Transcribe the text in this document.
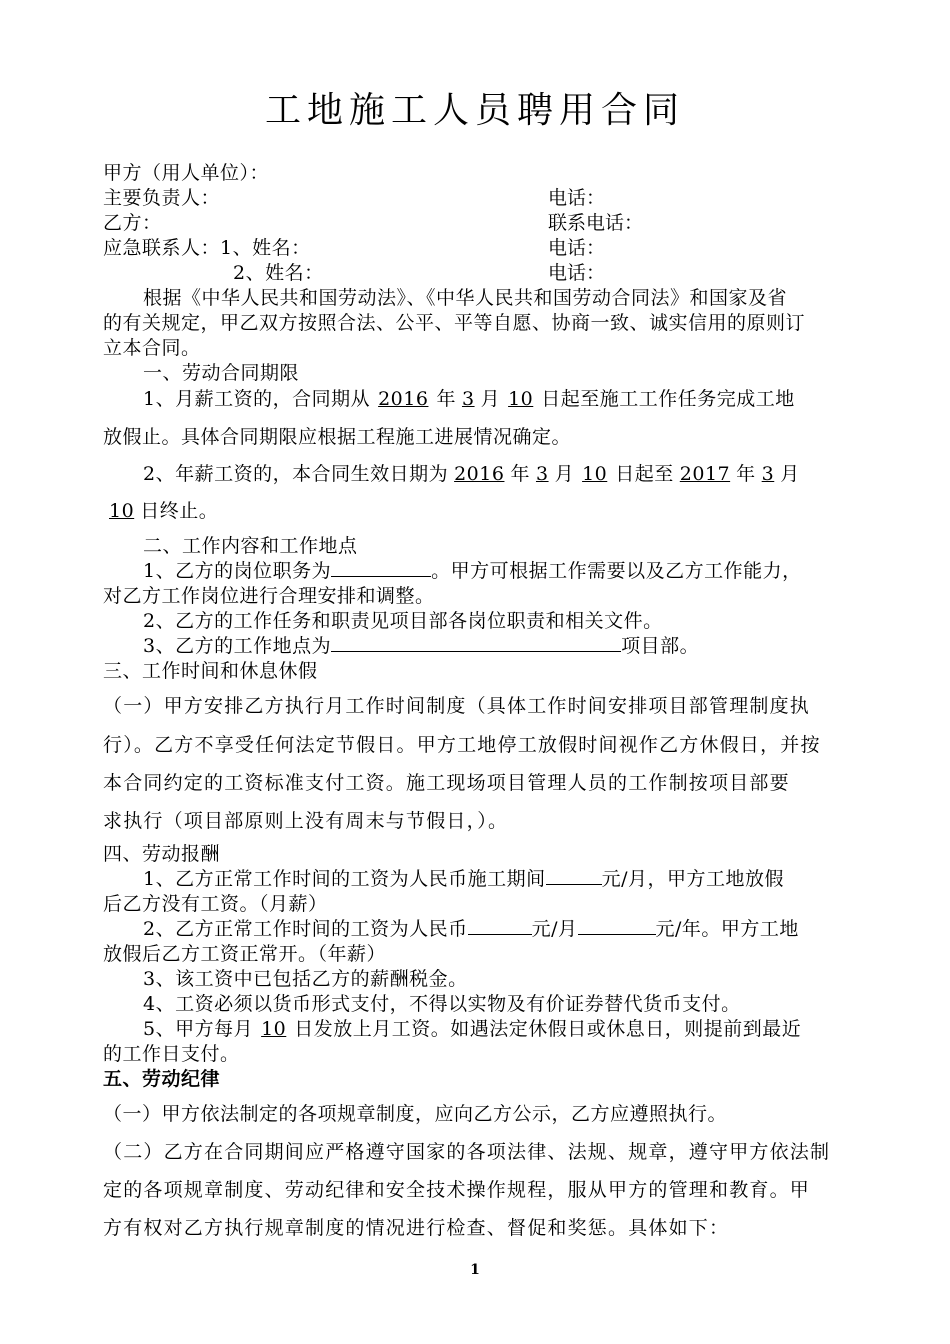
工地施工人员聘用合同
甲方（用人单位）：
主要负责人：	电话：
乙方：	联系电话：
应急联系人：1、姓名：	电话：
2、姓名：	电话：
根据《中华人民共和国劳动法》、《中华人民共和国劳动合同法》和国家及省
的有关规定，甲乙双方按照合法、公平、平等自愿、协商一致、诚实信用的原则订
立本合同。
一、劳动合同期限
1、月薪工资的，合同期从 2016 年 3 月 10 日起至施工工作任务完成工地
放假止。具体合同期限应根据工程施工进展情况确定。
2、年薪工资的，本合同生效日期为 2016 年 3 月 10 日起至 2017 年 3 月
10 日终止。
二、工作内容和工作地点
1、乙方的岗位职务为	。甲方可根据工作需要以及乙方工作能力，
对乙方工作岗位进行合理安排和调整。
2、乙方的工作任务和职责见项目部各岗位职责和相关文件。
3、乙方的工作地点为	项目部。
三、工作时间和休息休假
（一）甲方安排乙方执行月工作时间制度（具体工作时间安排项目部管理制度执
行）。乙方不享受任何法定节假日。甲方工地停工放假时间视作乙方休假日，并按
本合同约定的工资标准支付工资。施工现场项目管理人员的工作制按项目部要
求执行（项目部原则上没有周末与节假日，）。
四、劳动报酬
1、乙方正常工作时间的工资为人民币施工期间	元/月，甲方工地放假
后乙方没有工资。（月薪）
2、乙方正常工作时间的工资为人民币	元/月	元/年。甲方工地
放假后乙方工资正常开。（年薪）
3、该工资中已包括乙方的薪酬税金。
4、工资必须以货币形式支付，不得以实物及有价证券替代货币支付。
5、甲方每月 10 日发放上月工资。如遇法定休假日或休息日，则提前到最近
的工作日支付。
五、劳动纪律
（一）甲方依法制定的各项规章制度，应向乙方公示，乙方应遵照执行。
（二）乙方在合同期间应严格遵守国家的各项法律、法规、规章，遵守甲方依法制
定的各项规章制度、劳动纪律和安全技术操作规程，服从甲方的管理和教育。甲
方有权对乙方执行规章制度的情况进行检查、督促和奖惩。具体如下：
1
